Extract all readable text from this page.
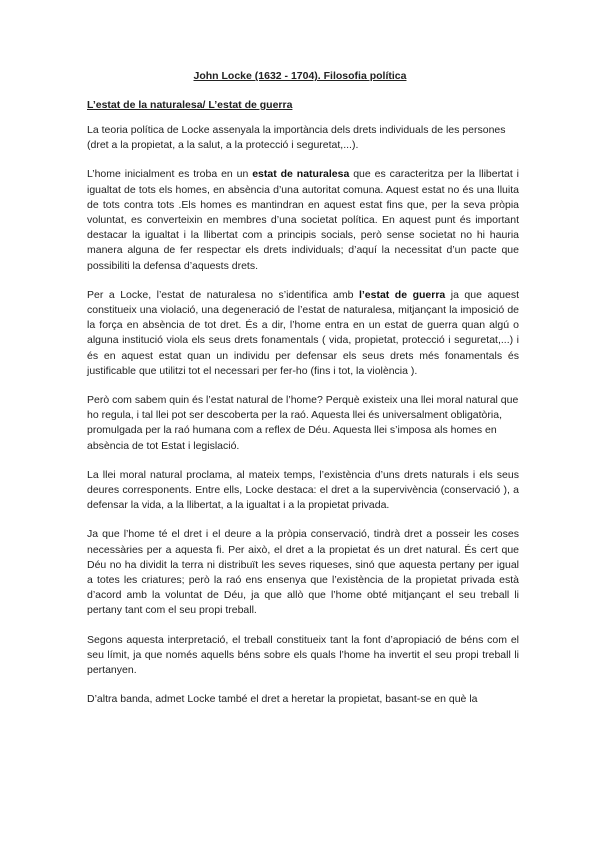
John Locke (1632 - 1704). Filosofia política
L’estat de la naturalesa/ L’estat de guerra

La teoria política de Locke assenyala la importància dels drets individuals de les persones (dret a la propietat, a la salut, a la protecció i seguretat,...).

L’home inicialment es troba en un estat de naturalesa que es caracteritza per la llibertat i igualtat de tots els homes, en absència d’una autoritat comuna. Aquest estat no és una lluita de tots contra tots .Els homes es mantindran en aquest estat fins que, per la seva pròpia voluntat, es converteixin en membres d’una societat política. En aquest punt és important destacar la igualtat i la llibertat com a principis socials, però sense societat no hi hauria manera alguna de fer respectar els drets individuals; d’aquí la necessitat d’un pacte que possibiliti la defensa d’aquests drets.

Per a Locke, l’estat de naturalesa no s’identifica amb l’estat de guerra ja que aquest constitueix una violació, una degeneració de l’estat de naturalesa, mitjançant la imposició de la força en absència de tot dret. És a dir, l’home entra en un estat de guerra quan algú o alguna institució viola els seus drets fonamentals ( vida, propietat, protecció i seguretat,...) i és en aquest estat quan un individu per defensar els seus drets més fonamentals és justificable que utilitzi tot el necessari per fer-ho (fins i tot, la violència ).

Però com sabem quin és l’estat natural de l’home? Perquè existeix una llei moral natural que ho regula, i tal llei pot ser descoberta per la raó. Aquesta llei és universalment obligatòria, promulgada per la raó humana com a reflex de Déu. Aquesta llei s’imposa als homes en absència de tot Estat i legislació.

La llei moral natural proclama, al mateix temps, l’existència d’uns drets naturals i els seus deures corresponents. Entre ells, Locke destaca: el dret a la supervivència (conservació ), a defensar la vida, a la llibertat, a la igualtat i a la propietat privada.

Ja que l’home té el dret i el deure a la pròpia conservació, tindrà dret a posseir les coses necessàries per a aquesta fi. Per això, el dret a la propietat és un dret natural. És cert que Déu no ha dividit la terra ni distribuït les seves riqueses, sinó que aquesta pertany per igual a totes les criatures; però la raó ens ensenya que l’existència de la propietat privada està d’acord amb la voluntat de Déu, ja que allò que l’home obté mitjançant el seu treball li pertany tant com el seu propi treball.

Segons aquesta interpretació, el treball constitueix tant la font d’apropiació de béns com el seu límit, ja que només aquells béns sobre els quals l’home ha invertit el seu propi treball li pertanyen.

D’altra banda, admet Locke també el dret a heretar la propietat, basant-se en què la
